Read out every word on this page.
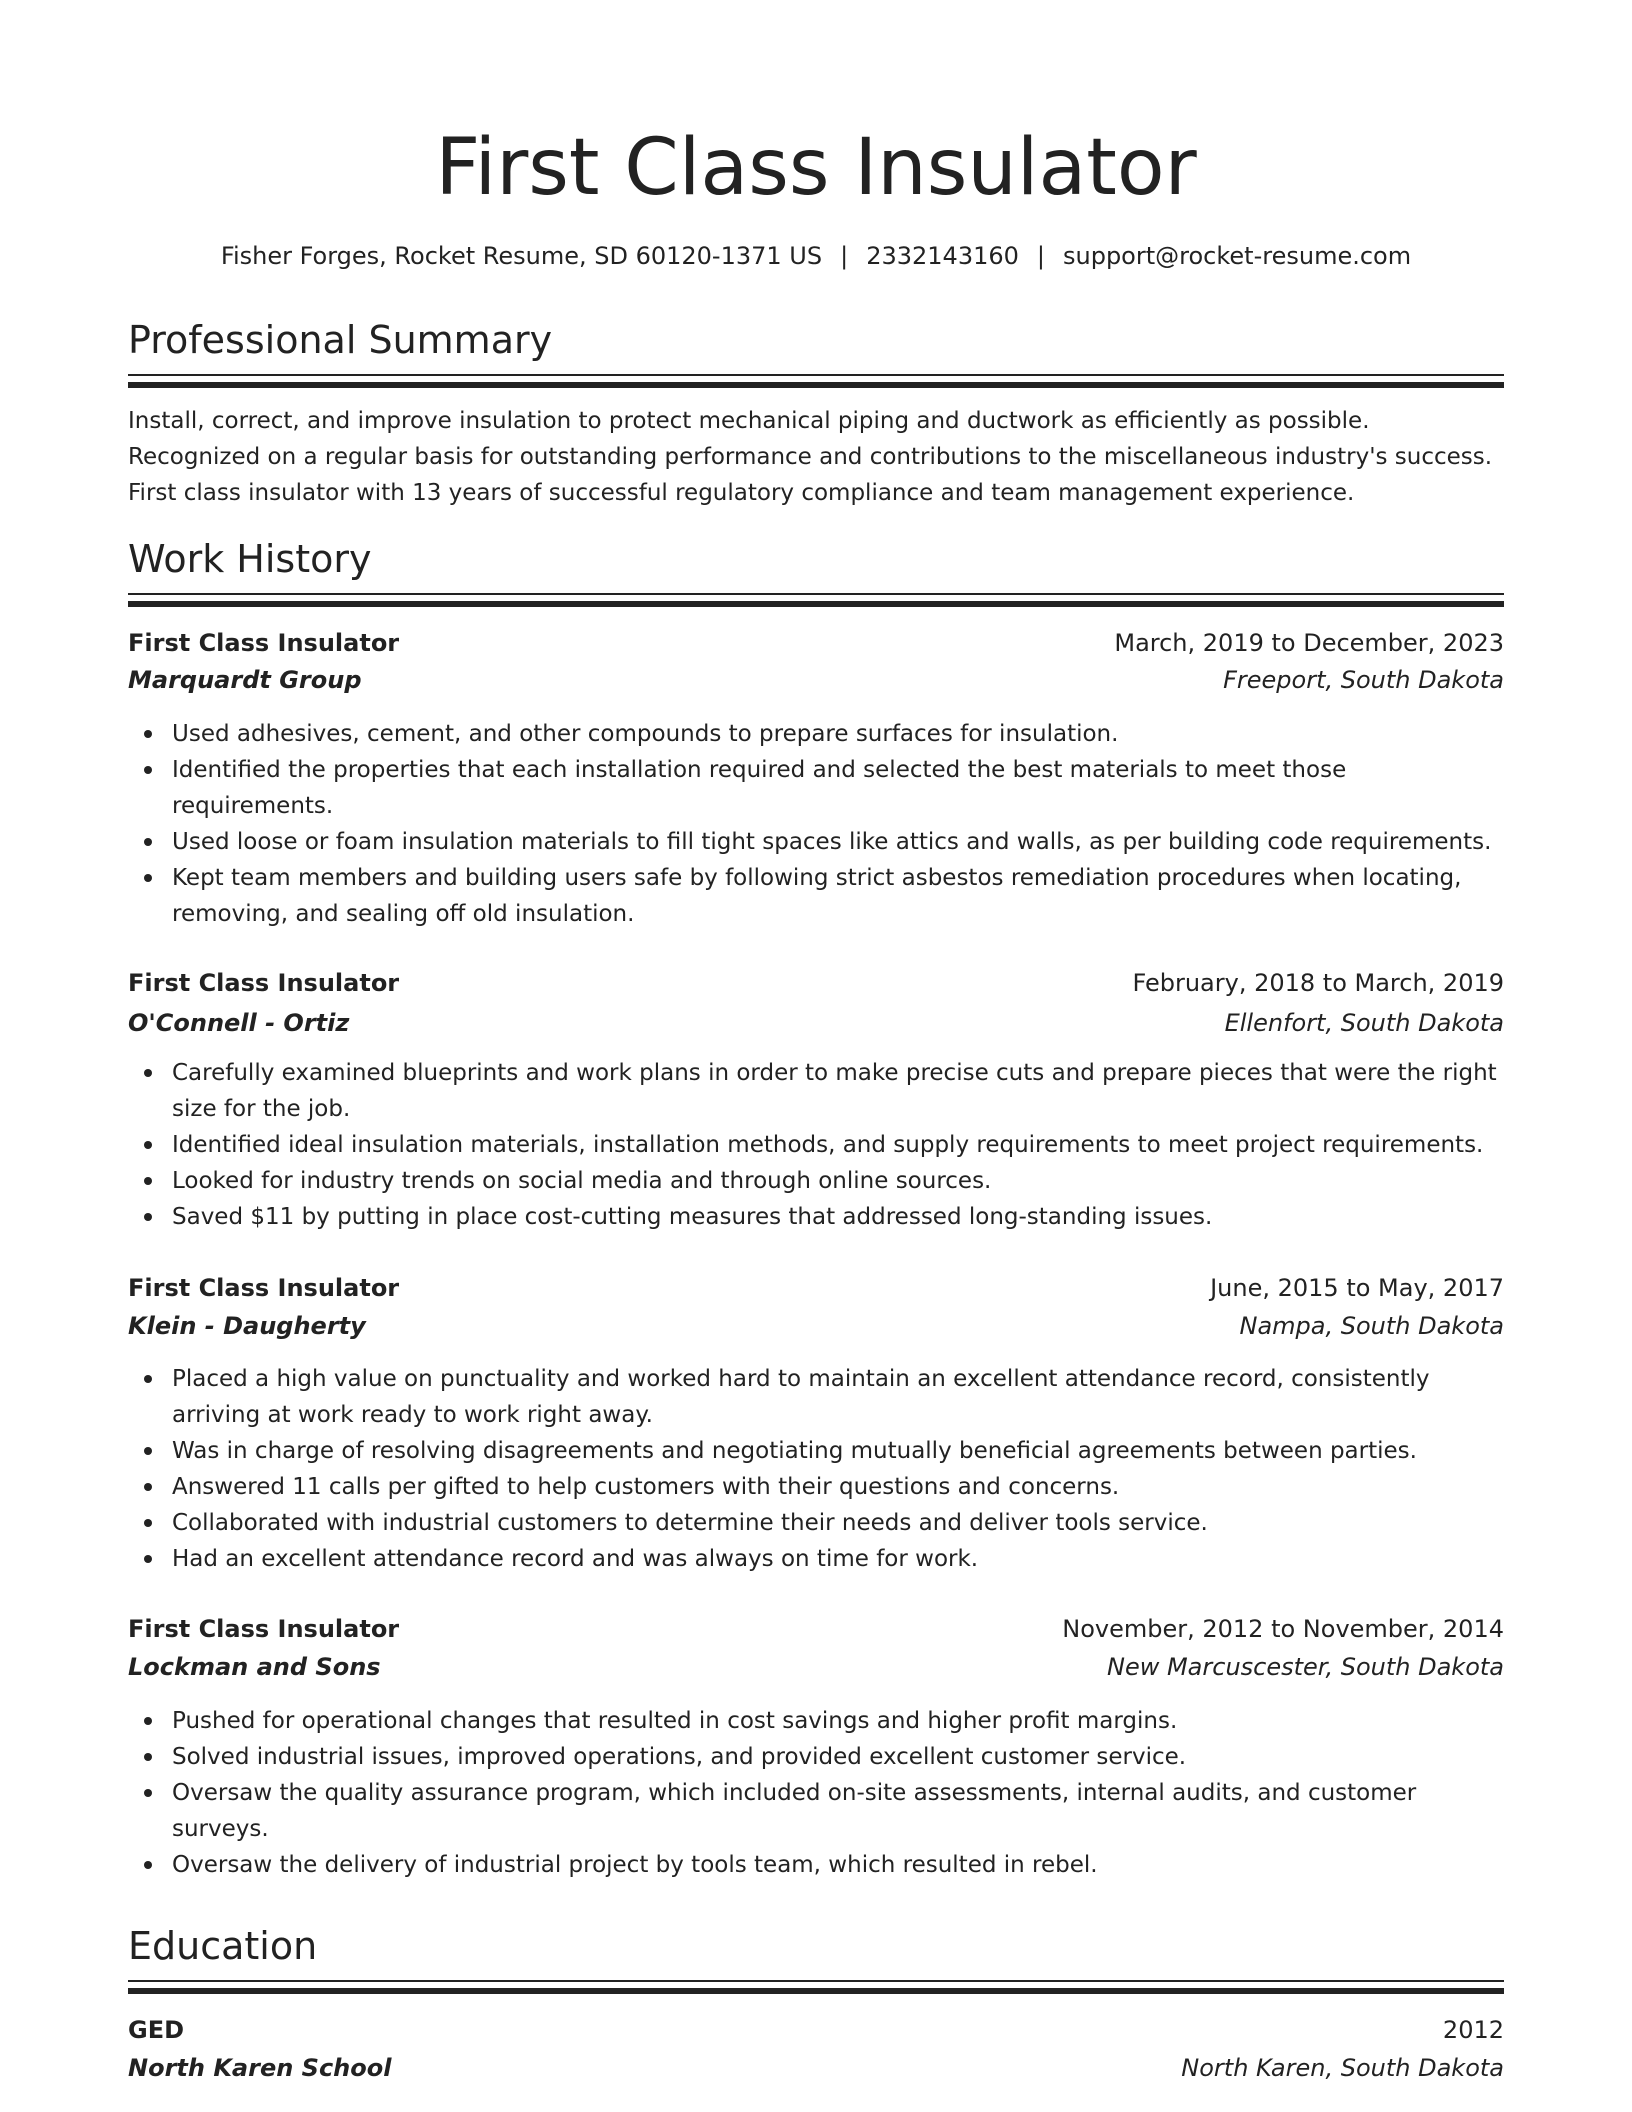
First Class Insulator
Fisher Forges, Rocket Resume, SD 60120-1371 US | 2332143160 | support@rocket-resume.com
Professional Summary

Install, correct, and improve insulation to protect mechanical piping and ductwork as efficiently as possible.

Recognized on a regular basis for outstanding performance and contributions to the miscellaneous industry's success.

First class insulator with 13 years of successful regulatory compliance and team management experience.

Work History
First Class Insulator	March, 2019 to December, 2023
Marquardt Group	Freeport, South Dakota
Used adhesives, cement, and other compounds to prepare surfaces for insulation.
Identified the properties that each installation required and selected the best materials to meet those requirements.
Used loose or foam insulation materials to fill tight spaces like attics and walls, as per building code requirements.
Kept team members and building users safe by following strict asbestos remediation procedures when locating, removing, and sealing off old insulation.
First Class Insulator	February, 2018 to March, 2019
O'Connell - Ortiz	Ellenfort, South Dakota
Carefully examined blueprints and work plans in order to make precise cuts and prepare pieces that were the right size for the job.
Identified ideal insulation materials, installation methods, and supply requirements to meet project requirements.
Looked for industry trends on social media and through online sources.
Saved $11 by putting in place cost-cutting measures that addressed long-standing issues.
First Class Insulator	June, 2015 to May, 2017
Klein - Daugherty	Nampa, South Dakota
Placed a high value on punctuality and worked hard to maintain an excellent attendance record, consistently arriving at work ready to work right away.
Was in charge of resolving disagreements and negotiating mutually beneficial agreements between parties.
Answered 11 calls per gifted to help customers with their questions and concerns.
Collaborated with industrial customers to determine their needs and deliver tools service.
Had an excellent attendance record and was always on time for work.
First Class Insulator	November, 2012 to November, 2014
Lockman and Sons	New Marcuscester, South Dakota
Pushed for operational changes that resulted in cost savings and higher profit margins.
Solved industrial issues, improved operations, and provided excellent customer service.
Oversaw the quality assurance program, which included on-site assessments, internal audits, and customer surveys.
Oversaw the delivery of industrial project by tools team, which resulted in rebel.
Education
GED	2012
North Karen School	North Karen, South Dakota
